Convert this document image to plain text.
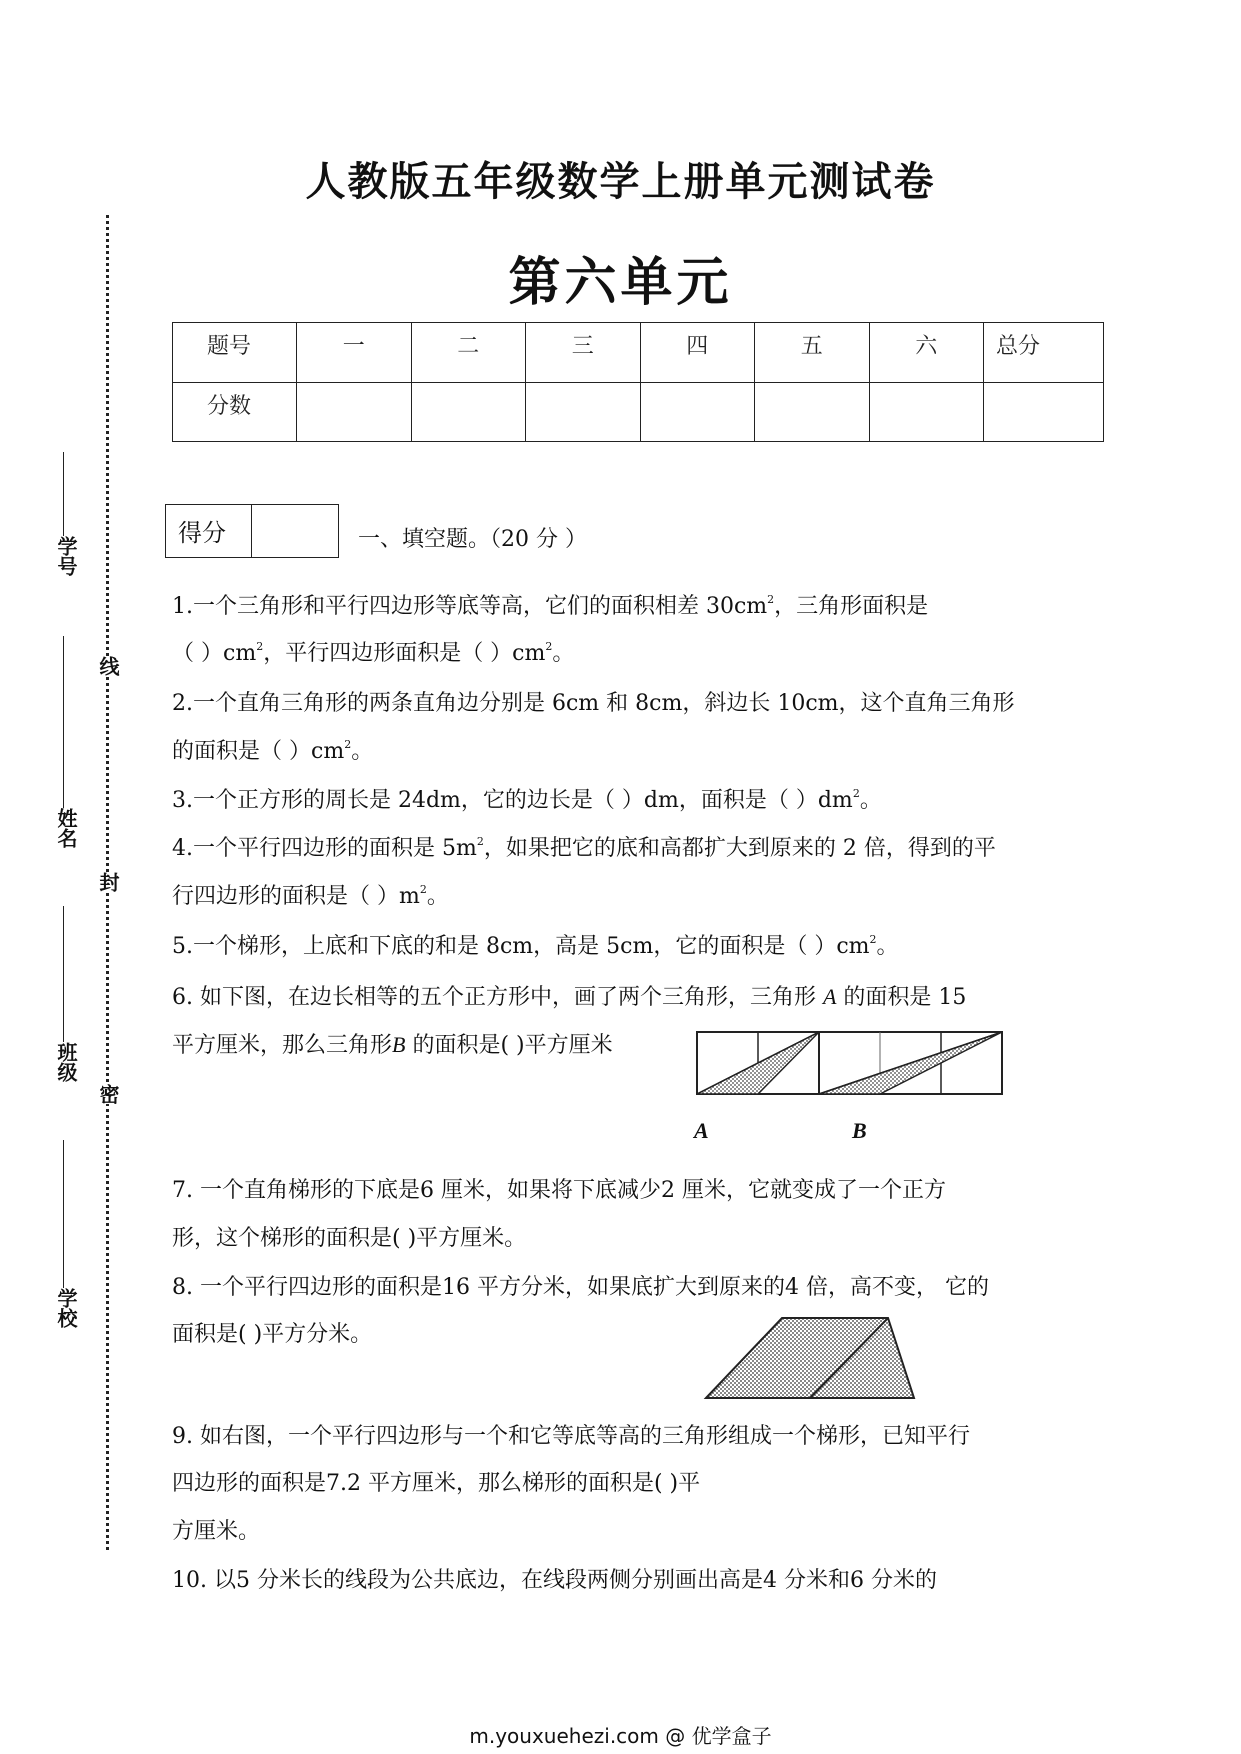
人教版五年级数学上册单元测试卷
第六单元
题号	一	二	三	四	五	六	总分
分数							
学号
姓名
班级
学校
线
封
密
得分	一、填空题。（20 分 ）
1.一个三角形和平行四边形等底等高，它们的面积相差 $30cm^2$，三角形面积是
（ ）$cm^2$，平行四边形面积是（ ）$cm^2$。
2.一个直角三角形的两条直角边分别是 6cm 和 8cm，斜边长 10cm，这个直角三角形
的面积是（ ）$cm^2$。
3.一个正方形的周长是 24dm，它的边长是（ ）dm，面积是（ ）$dm^2$。
4.一个平行四边形的面积是 $5m^2$，如果把它的底和高都扩大到原来的 2 倍，得到的平
行四边形的面积是（ ）$m^2$。
5.一个梯形，上底和下底的和是 8cm，高是 5cm，它的面积是（ ）$cm^2$。
6. 如下图，在边长相等的五个正方形中，画了两个三角形，三角形 A 的面积是 15
平方厘米，那么三角形B 的面积是( )平方厘米
A	B
7. 一个直角梯形的下底是6 厘米，如果将下底减少2 厘米，它就变成了一个正方
形，这个梯形的面积是( )平方厘米。
8. 一个平行四边形的面积是16 平方分米，如果底扩大到原来的4 倍，高不变， 它的
面积是( )平方分米。
9. 如右图，一个平行四边形与一个和它等底等高的三角形组成一个梯形，已知平行
四边形的面积是7.2 平方厘米，那么梯形的面积是( )平
方厘米。
10. 以5 分米长的线段为公共底边，在线段两侧分别画出高是4 分米和6 分米的
m.youxuehezi.com @ 优学盒子
